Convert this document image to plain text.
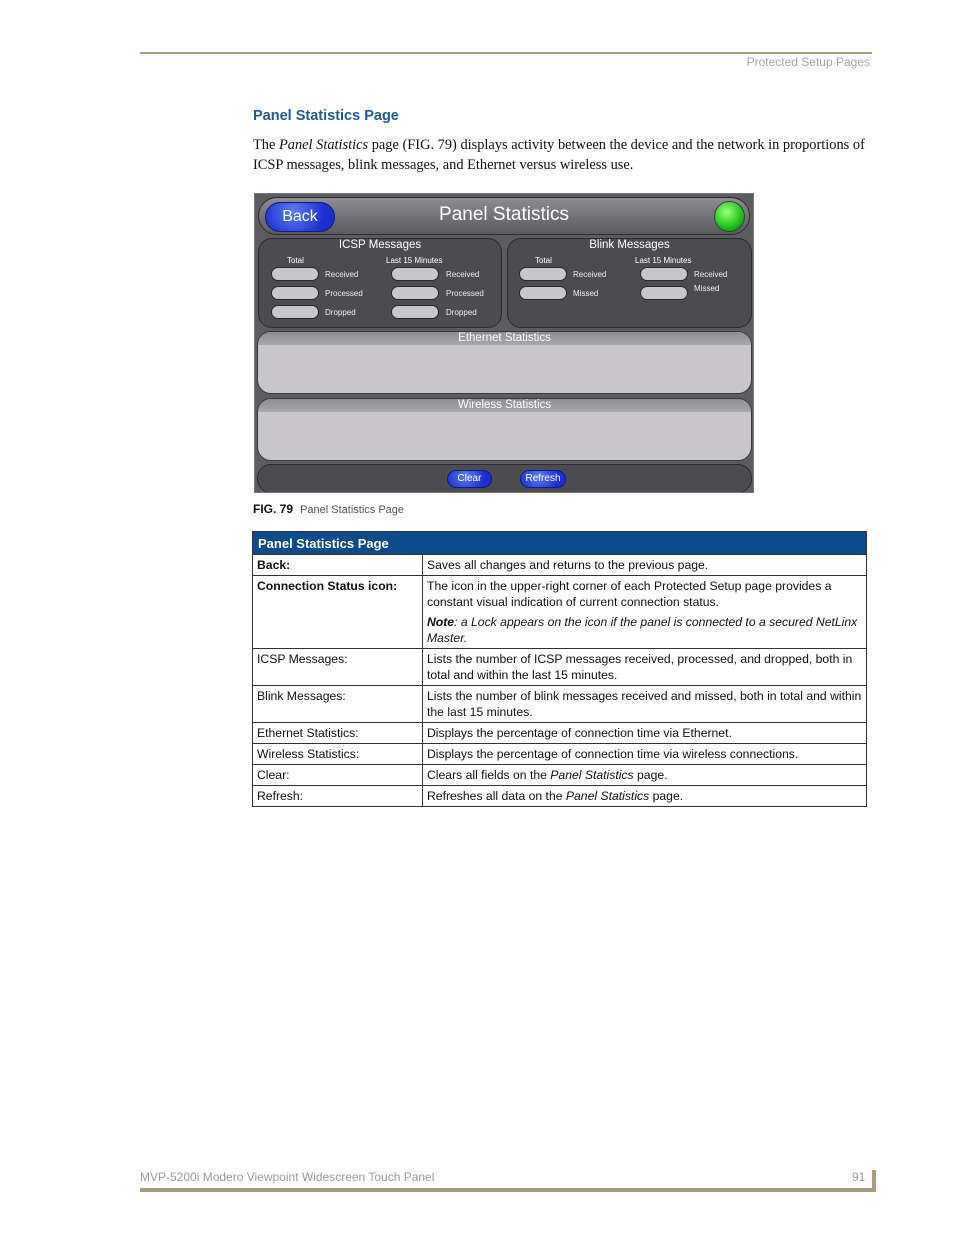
Protected Setup Pages
Panel Statistics Page
The Panel Statistics page (FIG. 79) displays activity between the device and the network in proportions of ICSP messages, blink messages, and Ethernet versus wireless use.
Back	Panel Statistics
ICSP Messages
Total	Last 15 Minutes
Received	Received
Processed	Processed
Dropped	Dropped
Blink Messages
Total	Last 15 Minutes
Received	Received
Missed
Missed
Ethernet Statistics
Wireless Statistics
Clear	Refresh
FIG. 79 Panel Statistics Page
Panel Statistics Page	
Back:	Saves all changes and returns to the previous page.
Connection Status icon:	The icon in the upper-right corner of each Protected Setup page provides a constant visual indication of current connection status.
Note: a Lock appears on the icon if the panel is connected to a secured NetLinx Master.

ICSP Messages:	Lists the number of ICSP messages received, processed, and dropped, both in total and within the last 15 minutes.
Blink Messages:	Lists the number of blink messages received and missed, both in total and within the last 15 minutes.
Ethernet Statistics:	Displays the percentage of connection time via Ethernet.
Wireless Statistics:	Displays the percentage of connection time via wireless connections.
Clear:	Clears all fields on the Panel Statistics page.
Refresh:	Refreshes all data on the Panel Statistics page.
MVP-5200i Modero Viewpoint Widescreen Touch Panel	91
